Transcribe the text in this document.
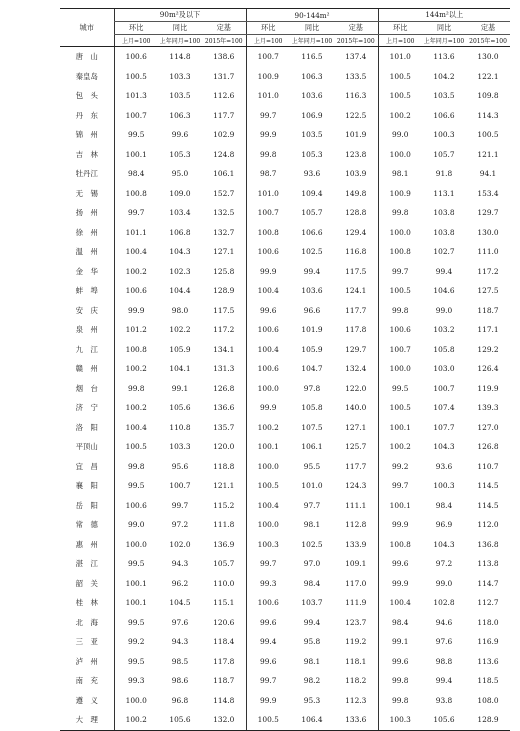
城市	90m²及以下			90-144m²			144m²以上		
	环比	同比	定基	环比	同比	定基	环比	同比	定基
	上月=100	上年同月=100	2015年=100	上月=100	上年同月=100	2015年=100	上月=100	上年同月=100	2015年=100
唐　山	100.6	114.8	138.6	100.7	116.5	137.4	101.0	113.6	130.0
秦皇岛	100.5	103.3	131.7	100.9	106.3	133.5	100.5	104.2	122.1
包　头	101.3	103.5	112.6	101.0	103.6	116.3	100.5	103.5	109.8
丹　东	100.7	106.3	117.7	99.7	106.9	122.5	100.2	106.6	114.3
锦　州	99.5	99.6	102.9	99.9	103.5	101.9	99.0	100.3	100.5
吉　林	100.1	105.3	124.8	99.8	105.3	123.8	100.0	105.7	121.1
牡丹江	98.4	95.0	106.1	98.7	93.6	103.9	98.1	91.8	94.1
无　锡	100.8	109.0	152.7	101.0	109.4	149.8	100.9	113.1	153.4
扬　州	99.7	103.4	132.5	100.7	105.7	128.8	99.8	103.8	129.7
徐　州	101.1	106.8	132.7	100.8	106.6	129.4	100.0	103.8	130.0
温　州	100.4	104.3	127.1	100.6	102.5	116.8	100.8	102.7	111.0
金　华	100.2	102.3	125.8	99.9	99.4	117.5	99.7	99.4	117.2
蚌　埠	100.6	104.4	128.9	100.4	103.6	124.1	100.5	104.6	127.5
安　庆	99.9	98.0	117.5	99.6	96.6	117.7	99.8	99.0	118.7
泉　州	101.2	102.2	117.2	100.6	101.9	117.8	100.6	103.2	117.1
九　江	100.8	105.9	134.1	100.4	105.9	129.7	100.7	105.8	129.2
赣　州	100.2	104.1	131.3	100.6	104.7	132.4	100.0	103.0	126.4
烟　台	99.8	99.1	126.8	100.0	97.8	122.0	99.5	100.7	119.9
济　宁	100.2	105.6	136.6	99.9	105.8	140.0	100.5	107.4	139.3
洛　阳	100.4	110.8	135.7	100.2	107.5	127.1	100.1	107.7	127.0
平顶山	100.5	103.3	120.0	100.1	106.1	125.7	100.2	104.3	126.8
宜　昌	99.8	95.6	118.8	100.0	95.5	117.7	99.2	93.6	110.7
襄　阳	99.5	100.7	121.1	100.5	101.0	124.3	99.7	100.3	114.5
岳　阳	100.6	99.7	115.2	100.4	97.7	111.1	100.1	98.4	114.5
常　德	99.0	97.2	111.8	100.0	98.1	112.8	99.9	96.9	112.0
惠　州	100.0	102.0	136.9	100.3	102.5	133.9	100.8	104.3	136.8
湛　江	99.5	94.3	105.7	99.7	97.0	109.1	99.6	97.2	113.8
韶　关	100.1	96.2	110.0	99.3	98.4	117.0	99.9	99.0	114.7
桂　林	100.1	104.5	115.1	100.6	103.7	111.9	100.4	102.8	112.7
北　海	99.5	97.6	120.6	99.6	99.4	123.7	98.4	94.6	118.0
三　亚	99.2	94.3	118.4	99.4	95.8	119.2	99.1	97.6	116.9
泸　州	99.5	98.5	117.8	99.6	98.1	118.1	99.6	98.8	113.6
南　充	99.3	98.6	118.7	99.7	98.2	118.2	99.8	99.4	118.5
遵　义	100.0	96.8	114.8	99.9	95.3	112.3	99.8	93.8	108.0
大　理	100.2	105.6	132.0	100.5	106.4	133.6	100.3	105.6	128.9
